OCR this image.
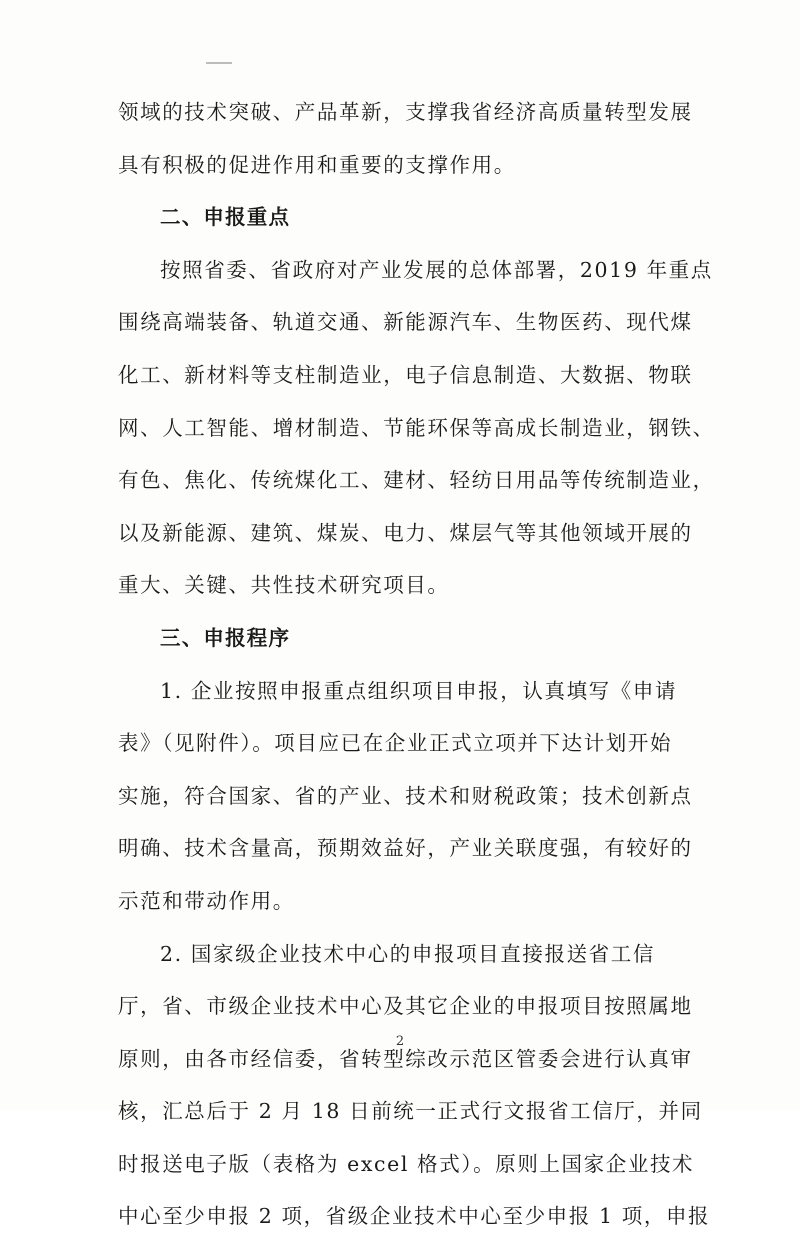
领域的技术突破、产品革新，支撑我省经济高质量转型发展

具有积极的促进作用和重要的支撑作用。

二、申报重点

按照省委、省政府对产业发展的总体部署，2019 年重点

围绕高端装备、轨道交通、新能源汽车、生物医药、现代煤

化工、新材料等支柱制造业，电子信息制造、大数据、物联

网、人工智能、增材制造、节能环保等高成长制造业，钢铁、

有色、焦化、传统煤化工、建材、轻纺日用品等传统制造业，

以及新能源、建筑、煤炭、电力、煤层气等其他领域开展的

重大、关键、共性技术研究项目。

三、申报程序

1. 企业按照申报重点组织项目申报，认真填写《申请

表》（见附件）。项目应已在企业正式立项并下达计划开始

实施，符合国家、省的产业、技术和财税政策；技术创新点

明确、技术含量高，预期效益好，产业关联度强，有较好的

示范和带动作用。

2. 国家级企业技术中心的申报项目直接报送省工信

厅，省、市级企业技术中心及其它企业的申报项目按照属地

原则，由各市经信委，省转型综改示范区管委会进行认真审

核，汇总后于 2 月 18 日前统一正式行文报省工信厅，并同

时报送电子版（表格为 excel 格式）。原则上国家企业技术

中心至少申报 2 项，省级企业技术中心至少申报 1 项，申报

2
